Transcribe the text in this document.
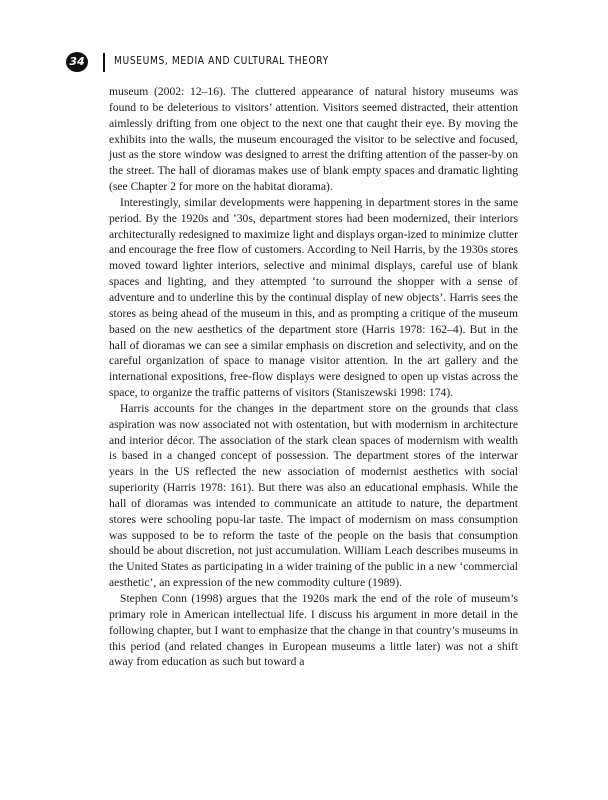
34	MUSEUMS, MEDIA AND CULTURAL THEORY

museum (2002: 12–16). The cluttered appearance of natural history museums was found to be deleterious to visitors’ attention. Visitors seemed distracted, their attention aimlessly drifting from one object to the next one that caught their eye. By moving the exhibits into the walls, the museum encouraged the visitor to be selective and focused, just as the store window was designed to arrest the drifting attention of the passer-by on the street. The hall of dioramas makes use of blank empty spaces and dramatic lighting (see Chapter 2 for more on the habitat diorama).

Interestingly, similar developments were happening in department stores in the same period. By the 1920s and ’30s, department stores had been modernized, their interiors architecturally redesigned to maximize light and displays organ-ized to minimize clutter and encourage the free flow of customers. According to Neil Harris, by the 1930s stores moved toward lighter interiors, selective and minimal displays, careful use of blank spaces and lighting, and they attempted ‘to surround the shopper with a sense of adventure and to underline this by the continual display of new objects’. Harris sees the stores as being ahead of the museum in this, and as prompting a critique of the museum based on the new aesthetics of the department store (Harris 1978: 162–4). But in the hall of dioramas we can see a similar emphasis on discretion and selectivity, and on the careful organization of space to manage visitor attention. In the art gallery and the international expositions, free-flow displays were designed to open up vistas across the space, to organize the traffic patterns of visitors (Staniszewski 1998: 174).

Harris accounts for the changes in the department store on the grounds that class aspiration was now associated not with ostentation, but with modernism in architecture and interior décor. The association of the stark clean spaces of modernism with wealth is based in a changed concept of possession. The department stores of the interwar years in the US reflected the new association of modernist aesthetics with social superiority (Harris 1978: 161). But there was also an educational emphasis. While the hall of dioramas was intended to communicate an attitude to nature, the department stores were schooling popu-lar taste. The impact of modernism on mass consumption was supposed to be to reform the taste of the people on the basis that consumption should be about discretion, not just accumulation. William Leach describes museums in the United States as participating in a wider training of the public in a new ‘commercial aesthetic’, an expression of the new commodity culture (1989).

Stephen Conn (1998) argues that the 1920s mark the end of the role of museum’s primary role in American intellectual life. I discuss his argument in more detail in the following chapter, but I want to emphasize that the change in that country’s museums in this period (and related changes in European museums a little later) was not a shift away from education as such but toward a
